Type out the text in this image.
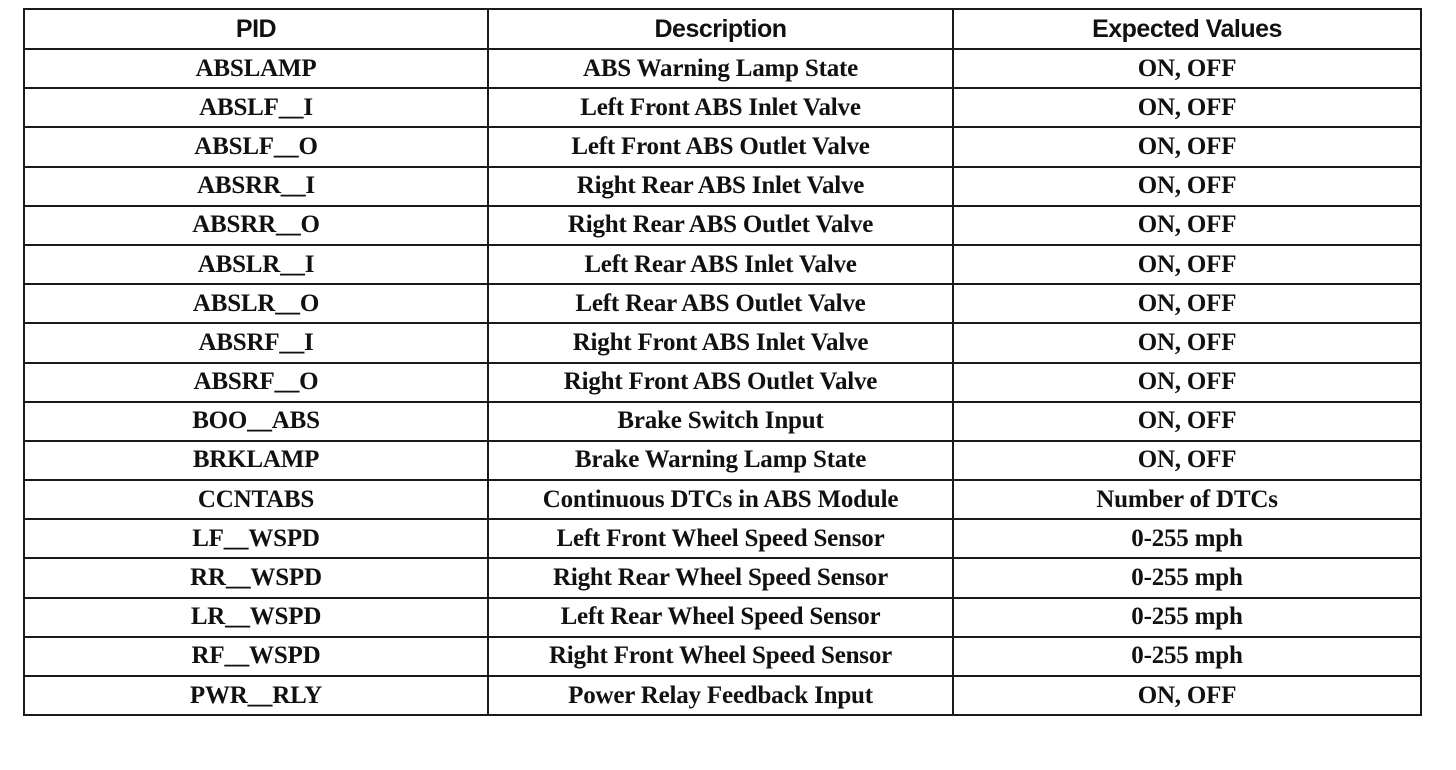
PID	Description	Expected Values
ABSLAMP	ABS Warning Lamp State	ON, OFF
ABSLF__I	Left Front ABS Inlet Valve	ON, OFF
ABSLF__O	Left Front ABS Outlet Valve	ON, OFF
ABSRR__I	Right Rear ABS Inlet Valve	ON, OFF
ABSRR__O	Right Rear ABS Outlet Valve	ON, OFF
ABSLR__I	Left Rear ABS Inlet Valve	ON, OFF
ABSLR__O	Left Rear ABS Outlet Valve	ON, OFF
ABSRF__I	Right Front ABS Inlet Valve	ON, OFF
ABSRF__O	Right Front ABS Outlet Valve	ON, OFF
BOO__ABS	Brake Switch Input	ON, OFF
BRKLAMP	Brake Warning Lamp State	ON, OFF
CCNTABS	Continuous DTCs in ABS Module	Number of DTCs
LF__WSPD	Left Front Wheel Speed Sensor	0-255 mph
RR__WSPD	Right Rear Wheel Speed Sensor	0-255 mph
LR__WSPD	Left Rear Wheel Speed Sensor	0-255 mph
RF__WSPD	Right Front Wheel Speed Sensor	0-255 mph
PWR__RLY	Power Relay Feedback Input	ON, OFF
